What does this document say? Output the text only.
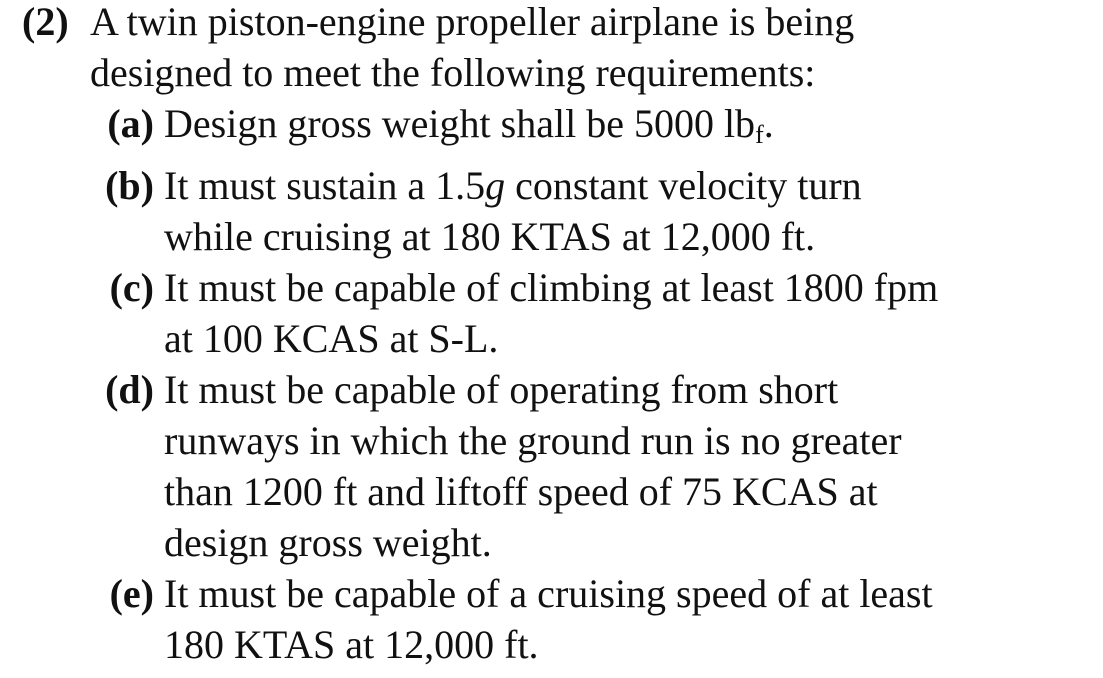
(2) A twin piston-engine propeller airplane is being
designed to meet the following requirements:
(a) Design gross weight shall be 5000 $lb_f$.
(b) It must sustain a 1.5g constant velocity turn
while cruising at 180 KTAS at 12,000 ft.
(c) It must be capable of climbing at least 1800 fpm
at 100 KCAS at S-L.
(d) It must be capable of operating from short
runways in which the ground run is no greater
than 1200 ft and liftoff speed of 75 KCAS at
design gross weight.
(e) It must be capable of a cruising speed of at least
180 KTAS at 12,000 ft.
